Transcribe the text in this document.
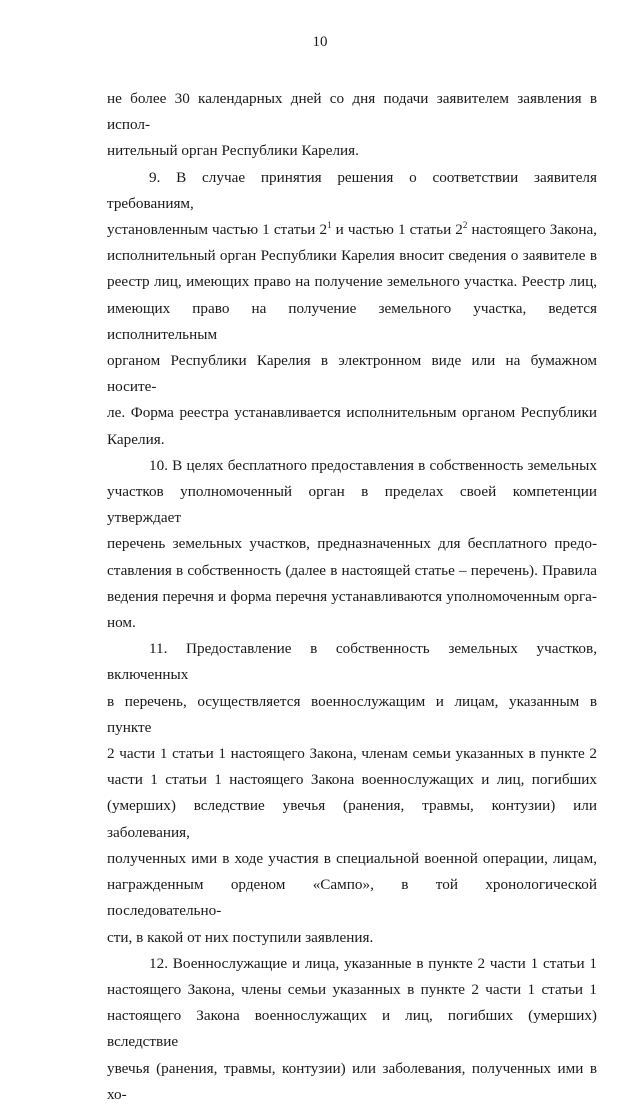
10

не более 30 календарных дней со дня подачи заявителем заявления в испол-
нительный орган Республики Карелия.

9. В случае принятия решения о соответствии заявителя требованиям,
установленным частью 1 статьи $2^1$ и частью 1 статьи $2^2$ настоящего Закона,
исполнительный орган Республики Карелия вносит сведения о заявителе в
реестр лиц, имеющих право на получение земельного участка. Реестр лиц,
имеющих право на получение земельного участка, ведется исполнительным
органом Республики Карелия в электронном виде или на бумажном носите-
ле. Форма реестра устанавливается исполнительным органом Республики
Карелия.

10. В целях бесплатного предоставления в собственность земельных
участков уполномоченный орган в пределах своей компетенции утверждает
перечень земельных участков, предназначенных для бесплатного предо-
ставления в собственность (далее в настоящей статье – перечень). Правила
ведения перечня и форма перечня устанавливаются уполномоченным орга-
ном.

11. Предоставление в собственность земельных участков, включенных
в перечень, осуществляется военнослужащим и лицам, указанным в пункте
2 части 1 статьи 1 настоящего Закона, членам семьи указанных в пункте 2
части 1 статьи 1 настоящего Закона военнослужащих и лиц, погибших
(умерших) вследствие увечья (ранения, травмы, контузии) или заболевания,
полученных ими в ходе участия в специальной военной операции, лицам,
награжденным орденом «Сампо», в той хронологической последовательно-
сти, в какой от них поступили заявления.

12. Военнослужащие и лица, указанные в пункте 2 части 1 статьи 1
настоящего Закона, члены семьи указанных в пункте 2 части 1 статьи 1
настоящего Закона военнослужащих и лиц, погибших (умерших) вследствие
увечья (ранения, травмы, контузии) или заболевания, полученных ими в хо-
